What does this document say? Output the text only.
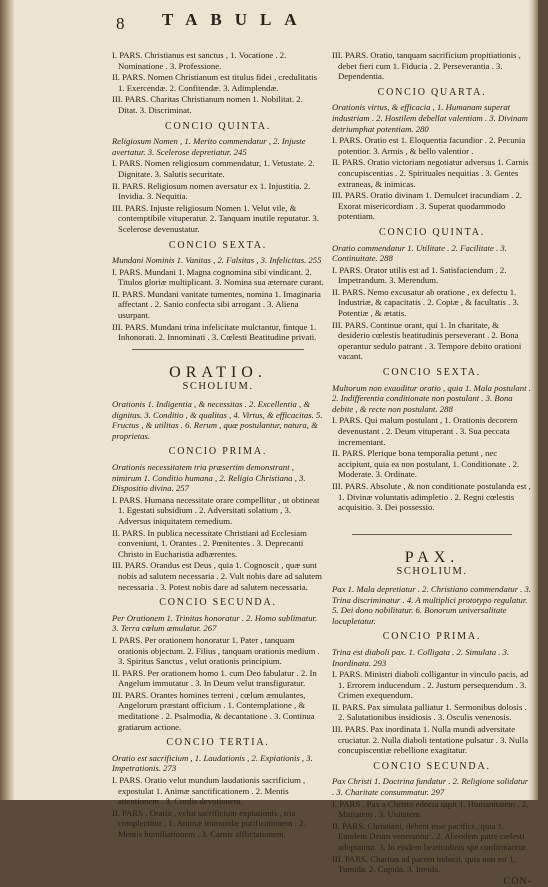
8 TABULA
I. PARS. Christianus est sanctus , 1. Vocatione . 2. Nominatione . 3. Professione.
II. PARS. Nomen Christianum est titulus fidei , credulitatis 1. Exercendæ. 2. Confitendæ. 3. Adimplendæ.
III. PARS. Charitas Christianum nomen 1. Nobilitat. 2. Ditat. 3. Discriminat.
CONCIO QUINTA.
Religiosum Nomen , 1. Merito commendatur , 2. Injuste avertatur. 3. Scelerose depretiatur. 245
I. PARS. Nomen religiosum commendatur, 1. Vetustate. 2. Dignitate. 3. Salutis securitate.
II. PARS. Religiosum nomen aversatur ex 1. Injustitia. 2. Invidia. 3. Nequitia.
III. PARS. Injuste religiosum Nomen 1. Velut vile, & contemptibile vituperatur. 2. Tanquam inutile reputatur. 3. Scelerose devenustatur.
CONCIO SEXTA.
Mundani Nominis 1. Vanitas , 2. Falsitas , 3. Infelicitas. 255
I. PARS. Mundani 1. Magna cognomina sibi vindicant. 2. Titulos gloriæ multiplicant. 3. Nomina sua æternare curant.
II. PARS. Mundani vanitate tumentes, nomina 1. Imaginaria affectant . 2. Sanio confecta sibi arrogant . 3. Aliena usurpant.
III. PARS. Mundani trina infelicitate mulctantur, fintque 1. Inhonorati. 2. Innominati . 3. Cœlesti Beatitudine privati.
ORATIO.
SCHOLIUM.
Orationis 1. Indigentia , & necessitas . 2. Excellentia , & dignitas. 3. Conditio , & qualitas , 4. Virtus, & efficacitas. 5. Fructus , & utilitas . 6. Rerum , quæ postulantur, natura, & proprietas.
CONCIO PRIMA.
Orationis necessitatem tria præsertim demonstrant , nimirum 1. Conditio humana , 2. Religio Christiana , 3. Dispositio divina. 257
I. PARS. Humana necessitate orare compellitur , ut obtineat 1. Egestati subsidium . 2. Adversitati solatium , 3. Adversus iniquitatem remedium.
II. PARS. In publica necessitate Christiani ad Ecclesiam conveniunt, 1. Orantes . 2. Pœnitentes . 3. Deprecanti Christo in Eucharistia adhærentes.
III. PARS. Orandus est Deus , quia 1. Cognoscit , quæ sunt nobis ad salutem necessaria . 2. Vult nobis dare ad salutem necessaria . 3. Potest nobis dare ad salutem necessaria.
CONCIO SECUNDA.
Per Orationem 1. Trinitas honoratur . 2. Homo sublimatur. 3. Terra cœlum æmulatur. 267
I. PARS. Per orationem honoratur 1. Pater , tanquam orationis objectum. 2. Filius , tanquam orationis medium . 3. Spiritus Sanctus , velut orationis principium.
II. PARS. Per orationem homo 1. cum Deo fabulatur . 2. In Angelum immutatur . 3. In Deum velut transfiguratur.
III. PARS. Orantes homines terreni , cœlum æmulantes, Angelorum præstant officium . 1. Contemplatione , & meditatione . 2. Psalmodia, & decantatione . 3. Continua gratiarum actione.
CONCIO TERTIA.
Oratio est sacrificium , 1. Laudationis , 2. Expiationis , 3. Impetrationis. 273
I. PARS. Oratio velut mundum laudationis sacrificium , expostulat 1. Animæ sanctificationem . 2. Mentis attentionem . 3. Cordis devotionem.
II. PARS . Oratio , velut sacrificium expiationis , tria complectitur , 1. Animæ immundæ purificationem . 2. Mentis humiliationem . 3. Carnis afflictationem.
III. PARS. Oratio, tanquam sacrificium propitiationis , debet fieri cum 1. Fiducia . 2. Perseverantia . 3. Dependentia.
CONCIO QUARTA.
Orationis virtus, & efficacia , 1. Humanam superat industriam . 2. Hostilem debellat valentiam . 3. Divinam detriumphat potentiam. 280
I. PARS. Oratio est 1. Eloquentia facundior . 2. Pecunia potentior. 3. Armis , & bello valentior .
II. PARS. Oratio victoriam negotiatur adversus 1. Carnis concupiscentias . 2. Spirituales nequitias . 3. Gentes extraneas, & inimicas.
III. PARS. Oratio divinam 1. Demulcet iracundiam . 2. Exorat misericordiam . 3. Superat quodammodo potentiam.
CONCIO QUINTA.
Oratio commendatur 1. Utilitate . 2. Facilitate . 3. Continuitate. 288
I. PARS. Orator utilis est ad 1. Satisfaciendum . 2. Impetrandum. 3. Merendum.
II. PARS. Nemo excusatur ab oratione , ex defectu 1. Industriæ, & capacitatis . 2. Copiæ , & facultatis . 3. Potentiæ , & ætatis.
III. PARS. Continue orant, qui 1. In charitate, & desiderio cœlestis beatitudinis perseverant . 2. Bona operantur sedulo patrant . 3. Tempore debito orationi vacant.
CONCIO SEXTA.
Multorum non exauditur oratio , quia 1. Mala postulant . 2. Indifferentia conditionate non postulant . 3. Bona debite , & recte non postulant. 288
I. PARS. Qui malum postulant , 1. Orationis decorem devenustant . 2. Deum vituperant . 3. Sua peccata incrementant.
II. PARS. Plerique bona temporalia petunt , nec accipiunt, quia ea non postulant, 1. Conditionate . 2. Moderate. 3. Ordinate.
III. PARS. Absolute , & non conditionate postulanda est , 1. Divinæ voluntatis adimpletio . 2. Regni cœlestis acquisitio. 3. Dei possessio.
PAX.
SCHOLIUM.
Pax 1. Mala depretiatur . 2. Christiano commendatur . 3. Trina discriminatur . 4. A multiplici prototypo regulatur. 5. Dei dono nobilitatur. 6. Bonorum universalitate locupletatur.
CONCIO PRIMA.
Trina est diaboli pax. 1. Colligata . 2. Simulata . 3. Inordinata. 293
I. PARS. Ministri diaboli colligantur in vinculo pacis, ad 1. Errorem inducendum . 2. Justum persequendum . 3. Crimen exequendum.
II. PARS. Pax simulata palliatur 1. Sermonibus dolosis . 2. Salutationibus insidiosis . 3. Osculis venenosis.
III. PARS. Pax inordinata 1. Nulla mundi adversitate cruciatur. 2. Nulla diaboli tentatione pulsatur . 3. Nulla concupiscentiæ rebellione exagitatur.
CONCIO SECUNDA.
Pax Christi 1. Doctrina fundatur . 2. Religione solidatur . 3. Charitate consummatur. 297
I. PARS . Pax a Christo edocta sapit 1. Humanitatem . 2. Mititatem . 3. Unitatem.
II. PARS. Christiani, debent esse pacifici , quia 1. Eundem Deum venerantur . 2. Abeodem patre cœlesti adoptantur. 3. In eisdem beatitudinis spe confirmantur.
III. PARS. Charitas ad pacem inducit, quia non est 1. Tumida. 2. Cupida. 3. Invida.
CON-
